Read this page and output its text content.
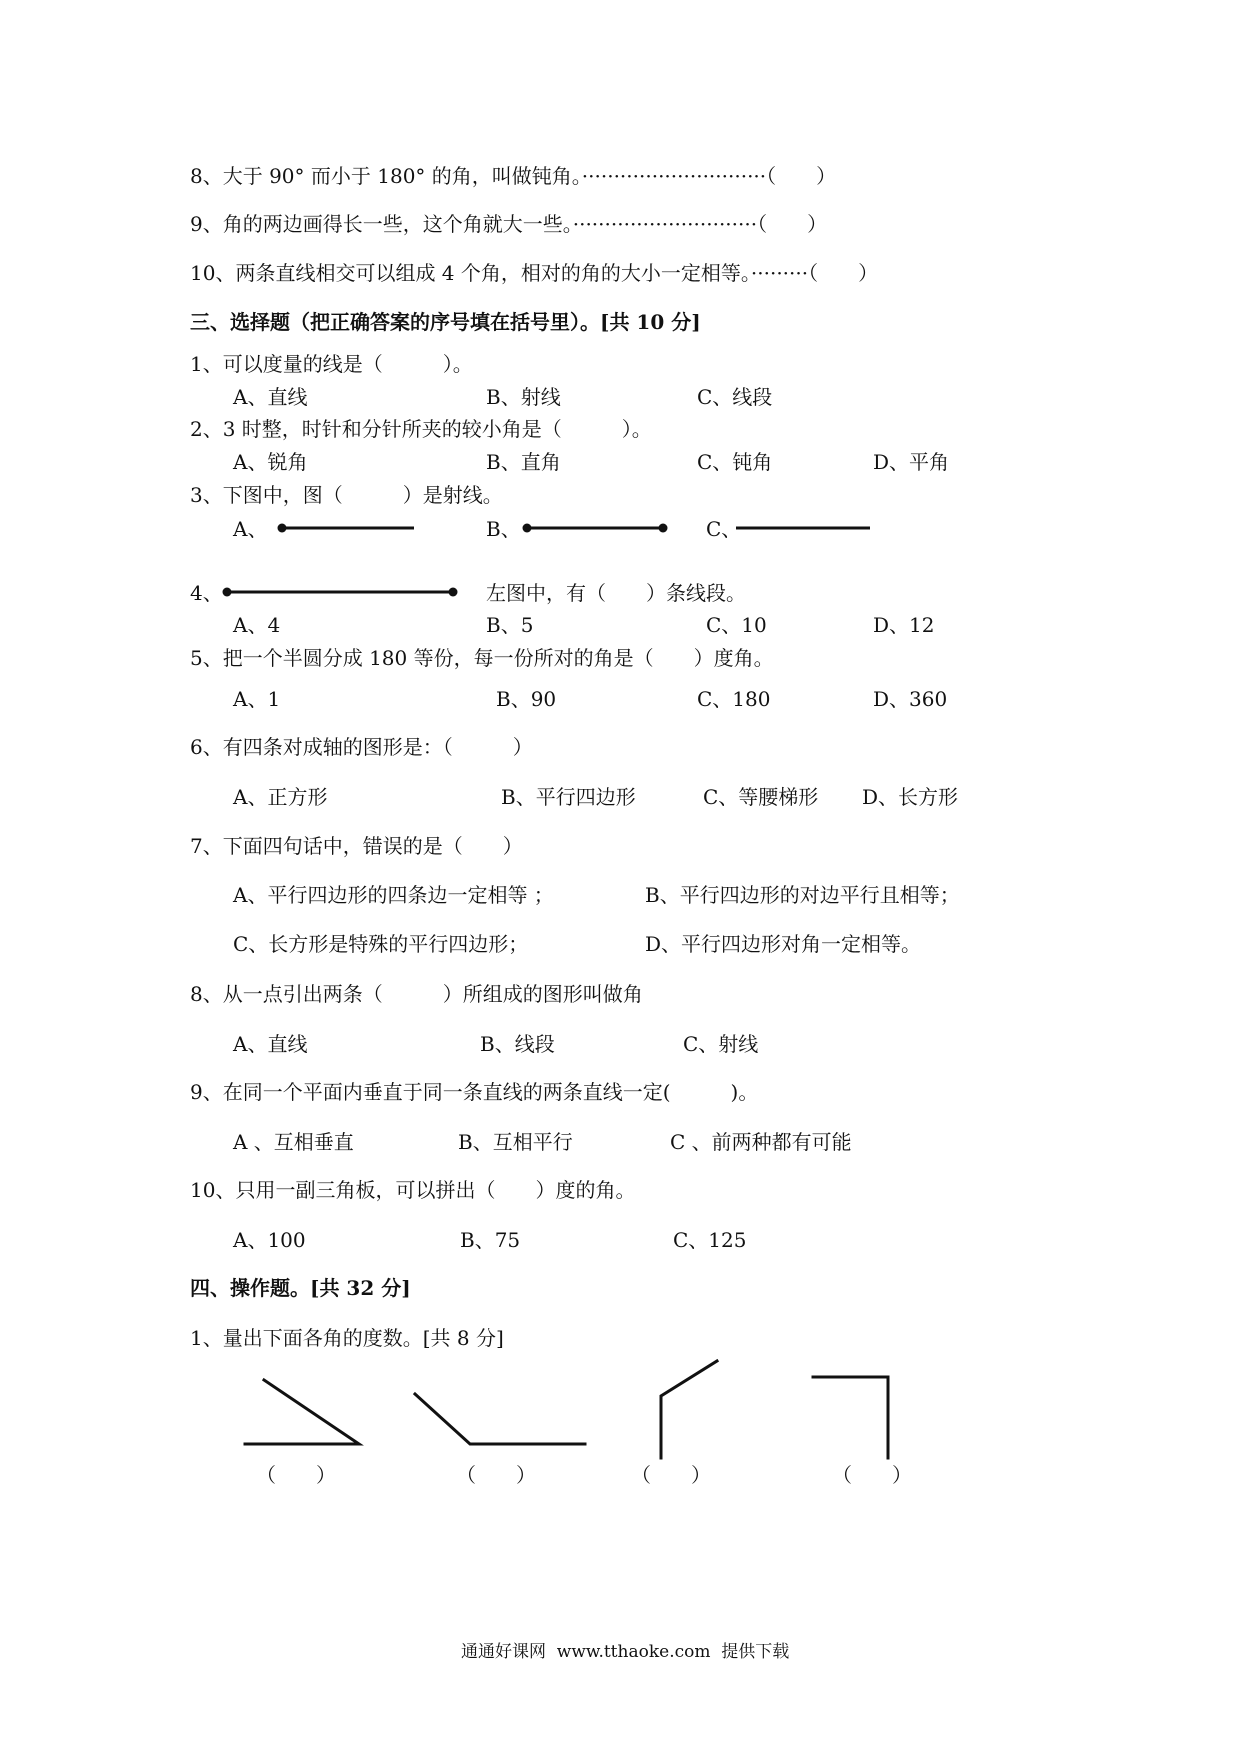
8、大于 90° 而小于 180° 的角，叫做钝角。·····························（　　）
9、角的两边画得长一些，这个角就大一些。·····························（　　）
10、两条直线相交可以组成 4 个角，相对的角的大小一定相等。·········（　　）
三、选择题（把正确答案的序号填在括号里）。[共 10 分]
1、可以度量的线是（　　　）。
A、直线	B、射线	C、线段
2、3 时整，时针和分针所夹的较小角是（　　　）。
A、锐角	B、直角	C、钝角	D、平角
3、下图中，图（　　　）是射线。
A、	B、	C、
4、	左图中，有（　　）条线段。
A、4	B、5	C、10	D、12
5、把一个半圆分成 180 等份，每一份所对的角是（　　）度角。
A、1	B、90	C、180	D、360
6、有四条对成轴的图形是：（　　　）
A、正方形	B、平行四边形	C、等腰梯形 D、长方形
7、下面四句话中，错误的是（　　）
A、平行四边形的四条边一定相等 ；	B、平行四边形的对边平行且相等；
C、长方形是特殊的平行四边形；	D、平行四边形对角一定相等。
8、从一点引出两条（　　　）所组成的图形叫做角
A、直线	B、线段	C、射线
9、在同一个平面内垂直于同一条直线的两条直线一定(　　　)。
A 、互相垂直	B、互相平行	C 、前两种都有可能
10、只用一副三角板，可以拼出（　　）度的角。
A、100	B、75	C、125
四、操作题。[共 32 分]
1、量出下面各角的度数。[共 8 分]
（　　）	（　　）	（　　）	（　　）
通通好课网  www.tthaoke.com  提供下载
